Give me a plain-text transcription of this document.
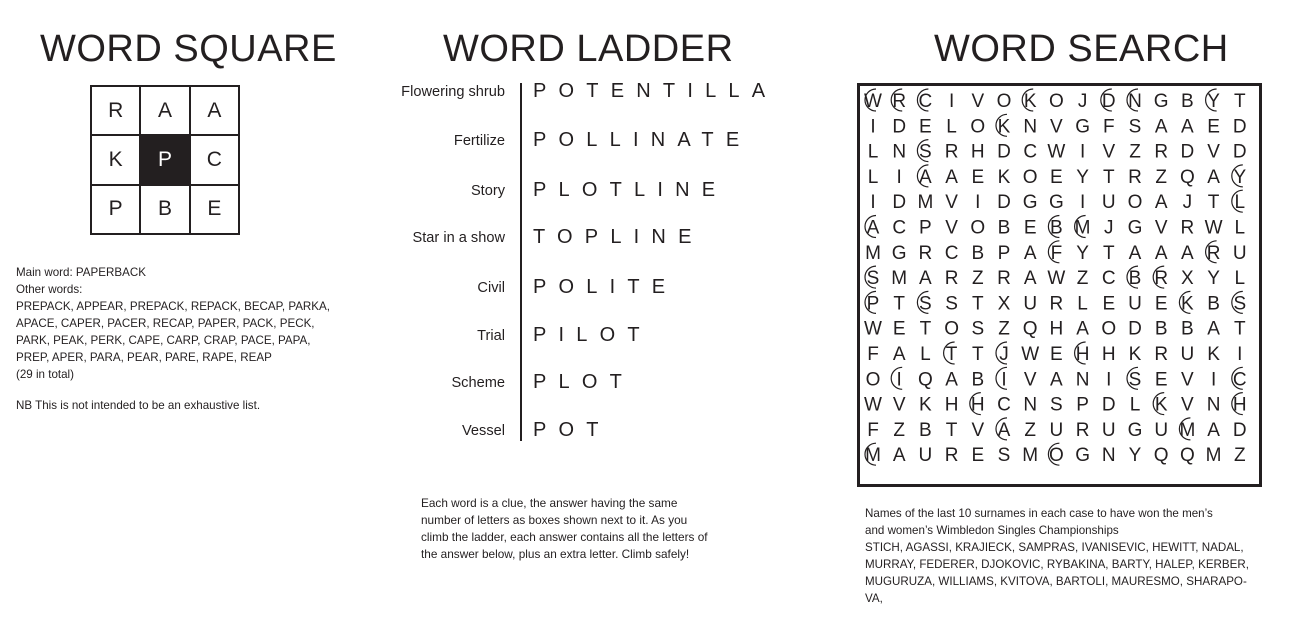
WORD SQUARE	WORD LADDER	WORD SEARCH
R	A	A
K	P	C
P	B	E
Main word: PAPERBACK
Other words:
PREPACK, APPEAR, PREPACK, REPACK, BECAP, PARKA,
APACE, CAPER, PACER, RECAP, PAPER, PACK, PECK,
PARK, PEAK, PERK, CAPE, CARP, CRAP, PACE, PAPA,
PREP, APER, PARA, PEAR, PARE, RAPE, REAP
(29 in total)
NB This is not intended to be an exhaustive list.
Flowering shrub POTENTILLA
Fertilize POLLINATE
Story PLOTLINE
Star in a show TOPLINE
Civil POLITE
Trial PILOT
Scheme PLOT
Vessel POT
Each word is a clue, the answer having the same
number of letters as boxes shown next to it. As you
climb the ladder, each answer contains all the letters of
the answer below, plus an extra letter. Climb safely!
W R C I V O K O J D N G B Y T
I D E L O K N V G F S A A E D
L N S R H D C W I V Z R D V D
L I A A E K O E Y T R Z Q A Y
I D M V I D G G I U O A J T L
A C P V O B E B M J G V R W L
M G R C B P A F Y T A A A R U
S M A R Z R A W Z C B R X Y L
P T S S T X U R L E U E K B S
W E T O S Z Q H A O D B B A T
F A L T T J W E H H K R U K I
O I Q A B I V A N I S E V I C
W V K H H C N S P D L K V N H
F Z B T V A Z U R U G U M A D
M A U R E S M O G N Y Q Q M Z
Names of the last 10 surnames in each case to have won the men’s
and women’s Wimbledon Singles Championships
STICH, AGASSI, KRAJIECK, SAMPRAS, IVANISEVIC, HEWITT, NADAL,
MURRAY, FEDERER, DJOKOVIC, RYBAKINA, BARTY, HALEP, KERBER,
MUGURUZA, WILLIAMS, KVITOVA, BARTOLI, MAURESMO, SHARAPO-
VA,
